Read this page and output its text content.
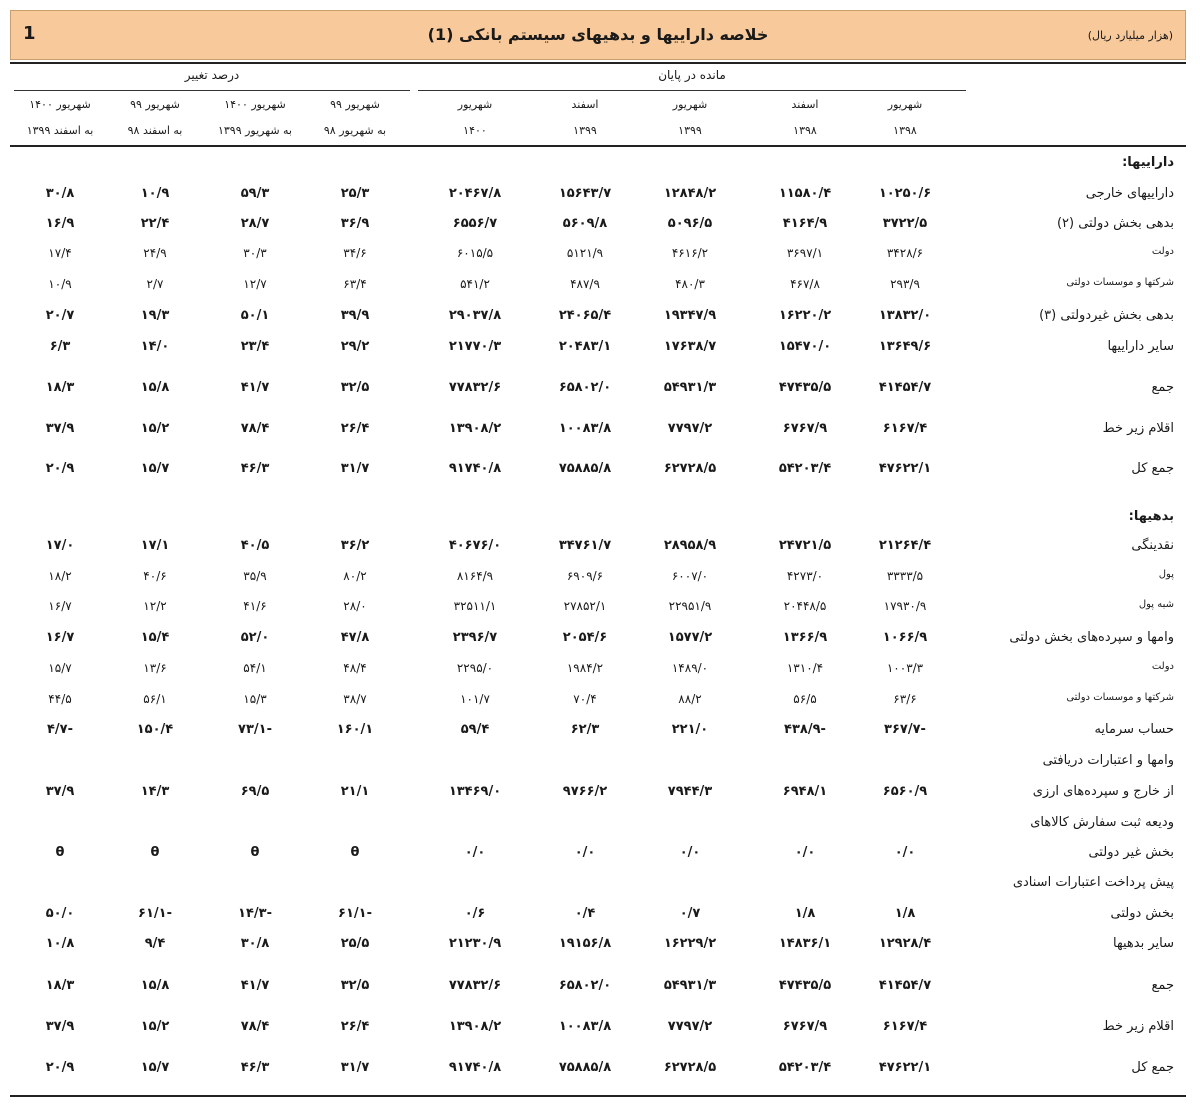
1	خلاصه داراییها و بدهیهای سیستم بانکی (1)	(هزار میلیارد ریال)
مانده در پایان
درصد تغییر
شهریور
۱۳۹۸
اسفند
۱۳۹۸
شهریور
۱۳۹۹
اسفند
۱۳۹۹
شهریور
۱۴۰۰
شهریور ۹۹
به شهریور ۹۸
شهریور ۱۴۰۰
به شهریور ۱۳۹۹
شهریور ۹۹
به اسفند ۹۸
شهریور ۱۴۰۰
به اسفند ۱۳۹۹
داراییها:
داراییهای خارجی
۱۰۲۵۰/۶
۱۱۵۸۰/۴
۱۲۸۴۸/۲
۱۵۶۴۳/۷
۲۰۴۶۷/۸
۲۵/۳
۵۹/۳
۱۰/۹
۳۰/۸
بدهی بخش دولتی (۲)
۳۷۲۲/۵
۴۱۶۴/۹
۵۰۹۶/۵
۵۶۰۹/۸
۶۵۵۶/۷
۳۶/۹
۲۸/۷
۲۲/۴
۱۶/۹
دولت
۳۴۲۸/۶
۳۶۹۷/۱
۴۶۱۶/۲
۵۱۲۱/۹
۶۰۱۵/۵
۳۴/۶
۳۰/۳
۲۴/۹
۱۷/۴
شرکتها و موسسات دولتی
۲۹۳/۹
۴۶۷/۸
۴۸۰/۳
۴۸۷/۹
۵۴۱/۲
۶۳/۴
۱۲/۷
۲/۷
۱۰/۹
بدهی بخش غیردولتی (۳)
۱۳۸۳۲/۰
۱۶۲۲۰/۲
۱۹۳۴۷/۹
۲۴۰۶۵/۴
۲۹۰۳۷/۸
۳۹/۹
۵۰/۱
۱۹/۳
۲۰/۷
سایر داراییها
۱۳۶۴۹/۶
۱۵۴۷۰/۰
۱۷۶۳۸/۷
۲۰۴۸۳/۱
۲۱۷۷۰/۳
۲۹/۲
۲۳/۴
۱۴/۰
۶/۳
جمع
۴۱۴۵۴/۷
۴۷۴۳۵/۵
۵۴۹۳۱/۳
۶۵۸۰۲/۰
۷۷۸۳۲/۶
۳۲/۵
۴۱/۷
۱۵/۸
۱۸/۳
اقلام زیر خط
۶۱۶۷/۴
۶۷۶۷/۹
۷۷۹۷/۲
۱۰۰۸۳/۸
۱۳۹۰۸/۲
۲۶/۴
۷۸/۴
۱۵/۲
۳۷/۹
جمع کل
۴۷۶۲۲/۱
۵۴۲۰۳/۴
۶۲۷۲۸/۵
۷۵۸۸۵/۸
۹۱۷۴۰/۸
۳۱/۷
۴۶/۳
۱۵/۷
۲۰/۹
بدهیها:
نقدینگی
۲۱۲۶۴/۴
۲۴۷۲۱/۵
۲۸۹۵۸/۹
۳۴۷۶۱/۷
۴۰۶۷۶/۰
۳۶/۲
۴۰/۵
۱۷/۱
۱۷/۰
پول
۳۳۳۳/۵
۴۲۷۳/۰
۶۰۰۷/۰
۶۹۰۹/۶
۸۱۶۴/۹
۸۰/۲
۳۵/۹
۴۰/۶
۱۸/۲
شبه پول
۱۷۹۳۰/۹
۲۰۴۴۸/۵
۲۲۹۵۱/۹
۲۷۸۵۲/۱
۳۲۵۱۱/۱
۲۸/۰
۴۱/۶
۱۲/۲
۱۶/۷
وامها و سپرده‌های بخش دولتی
۱۰۶۶/۹
۱۳۶۶/۹
۱۵۷۷/۲
۲۰۵۴/۶
۲۳۹۶/۷
۴۷/۸
۵۲/۰
۱۵/۴
۱۶/۷
دولت
۱۰۰۳/۳
۱۳۱۰/۴
۱۴۸۹/۰
۱۹۸۴/۲
۲۲۹۵/۰
۴۸/۴
۵۴/۱
۱۳/۶
۱۵/۷
شرکتها و موسسات دولتی
۶۳/۶
۵۶/۵
۸۸/۲
۷۰/۴
۱۰۱/۷
۳۸/۷
۱۵/۳
۵۶/۱
۴۴/۵
حساب سرمایه
-۳۶۷/۷
-۴۳۸/۹
۲۲۱/۰
۶۲/۳
۵۹/۴
۱۶۰/۱
-۷۳/۱
۱۵۰/۴
-۴/۷
وامها و اعتبارات دریافتی
از خارج و سپرده‌های ارزی
۶۵۶۰/۹
۶۹۴۸/۱
۷۹۴۴/۳
۹۷۶۶/۲
۱۳۴۶۹/۰
۲۱/۱
۶۹/۵
۱۴/۳
۳۷/۹
ودیعه ثبت سفارش کالاهای
بخش غیر دولتی
۰/۰
۰/۰
۰/۰
۰/۰
۰/۰
θ
θ
θ
θ
پیش پرداخت اعتبارات اسنادی
بخش دولتی
۱/۸
۱/۸
۰/۷
۰/۴
۰/۶
-۶۱/۱
-۱۴/۳
-۶۱/۱
۵۰/۰
سایر بدهیها
۱۲۹۲۸/۴
۱۴۸۳۶/۱
۱۶۲۲۹/۲
۱۹۱۵۶/۸
۲۱۲۳۰/۹
۲۵/۵
۳۰/۸
۹/۴
۱۰/۸
جمع
۴۱۴۵۴/۷
۴۷۴۳۵/۵
۵۴۹۳۱/۳
۶۵۸۰۲/۰
۷۷۸۳۲/۶
۳۲/۵
۴۱/۷
۱۵/۸
۱۸/۳
اقلام زیر خط
۶۱۶۷/۴
۶۷۶۷/۹
۷۷۹۷/۲
۱۰۰۸۳/۸
۱۳۹۰۸/۲
۲۶/۴
۷۸/۴
۱۵/۲
۳۷/۹
جمع کل
۴۷۶۲۲/۱
۵۴۲۰۳/۴
۶۲۷۲۸/۵
۷۵۸۸۵/۸
۹۱۷۴۰/۸
۳۱/۷
۴۶/۳
۱۵/۷
۲۰/۹
